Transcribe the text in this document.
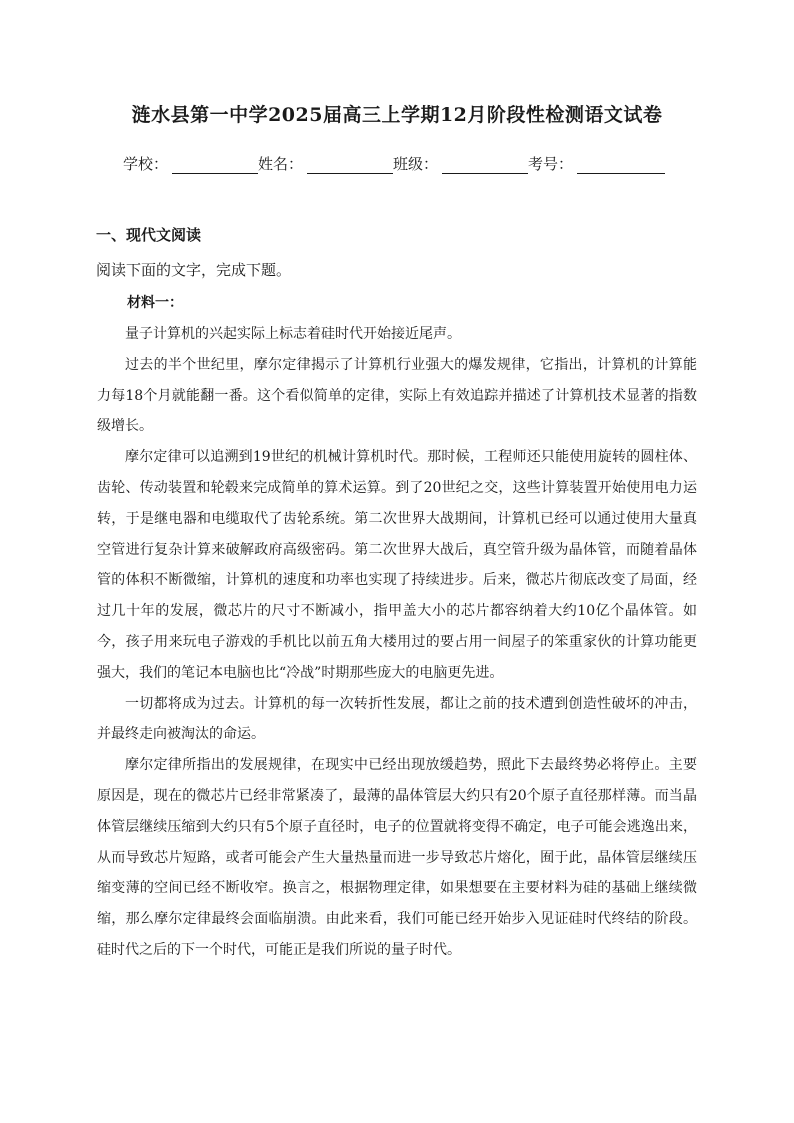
涟水县第一中学2025届高三上学期12月阶段性检测语文试卷
学校：	姓名：	班级：	考号：
一、现代文阅读
阅读下面的文字，完成下题。
材料一：

量子计算机的兴起实际上标志着硅时代开始接近尾声。

过去的半个世纪里，摩尔定律揭示了计算机行业强大的爆发规律，它指出，计算机的计算能力每18个月就能翻一番。这个看似简单的定律，实际上有效追踪并描述了计算机技术显著的指数级增长。

摩尔定律可以追溯到19世纪的机械计算机时代。那时候，工程师还只能使用旋转的圆柱体、齿轮、传动装置和轮毂来完成简单的算术运算。到了20世纪之交，这些计算装置开始使用电力运转，于是继电器和电缆取代了齿轮系统。第二次世界大战期间，计算机已经可以通过使用大量真空管进行复杂计算来破解政府高级密码。第二次世界大战后，真空管升级为晶体管，而随着晶体管的体积不断微缩，计算机的速度和功率也实现了持续进步。后来，微芯片彻底改变了局面，经过几十年的发展，微芯片的尺寸不断减小，指甲盖大小的芯片都容纳着大约10亿个晶体管。如今，孩子用来玩电子游戏的手机比以前五角大楼用过的要占用一间屋子的笨重家伙的计算功能更强大，我们的笔记本电脑也比“冷战”时期那些庞大的电脑更先进。

一切都将成为过去。计算机的每一次转折性发展，都让之前的技术遭到创造性破坏的冲击，并最终走向被淘汰的命运。

摩尔定律所指出的发展规律，在现实中已经出现放缓趋势，照此下去最终势必将停止。主要原因是，现在的微芯片已经非常紧凑了，最薄的晶体管层大约只有20个原子直径那样薄。而当晶体管层继续压缩到大约只有5个原子直径时，电子的位置就将变得不确定，电子可能会逃逸出来，从而导致芯片短路，或者可能会产生大量热量而进一步导致芯片熔化，囿于此，晶体管层继续压缩变薄的空间已经不断收窄。换言之，根据物理定律，如果想要在主要材料为硅的基础上继续微缩，那么摩尔定律最终会面临崩溃。由此来看，我们可能已经开始步入见证硅时代终结的阶段。硅时代之后的下一个时代，可能正是我们所说的量子时代。
